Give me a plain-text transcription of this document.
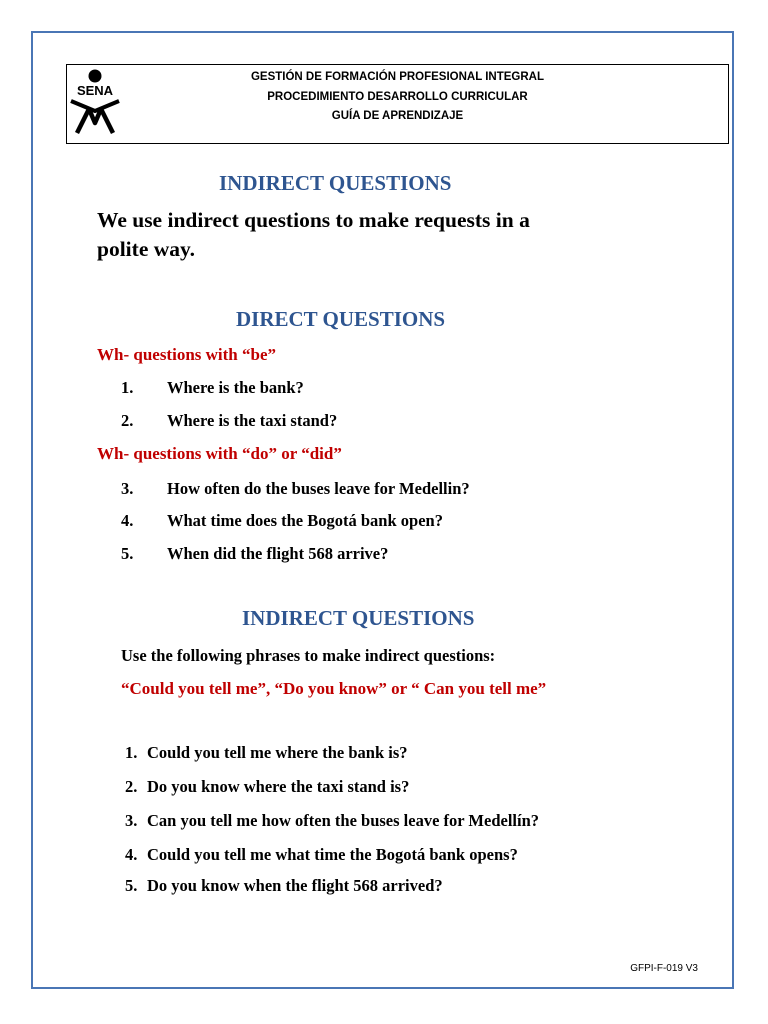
SENA
GESTIÓN DE FORMACIÓN PROFESIONAL INTEGRAL
PROCEDIMIENTO DESARROLLO CURRICULAR
GUÍA DE APRENDIZAJE
INDIRECT QUESTIONS
We use indirect questions to make requests in a
polite way.
DIRECT QUESTIONS
Wh- questions with “be”
1. Where is the bank?
2. Where is the taxi stand?
Wh- questions with “do” or “did”
3. How often do the buses leave for Medellin?
4. What time does the Bogotá bank open?
5. When did the flight 568 arrive?
INDIRECT QUESTIONS
Use the following phrases to make indirect questions:
“Could you tell me”, “Do you know” or “ Can you tell me”
1. Could you tell me where the bank is?
2. Do you know where the taxi stand is?
3. Can you tell me how often the buses leave for Medellín?
4. Could you tell me what time the Bogotá bank opens?
5. Do you know when the flight 568 arrived?
GFPI-F-019 V3
